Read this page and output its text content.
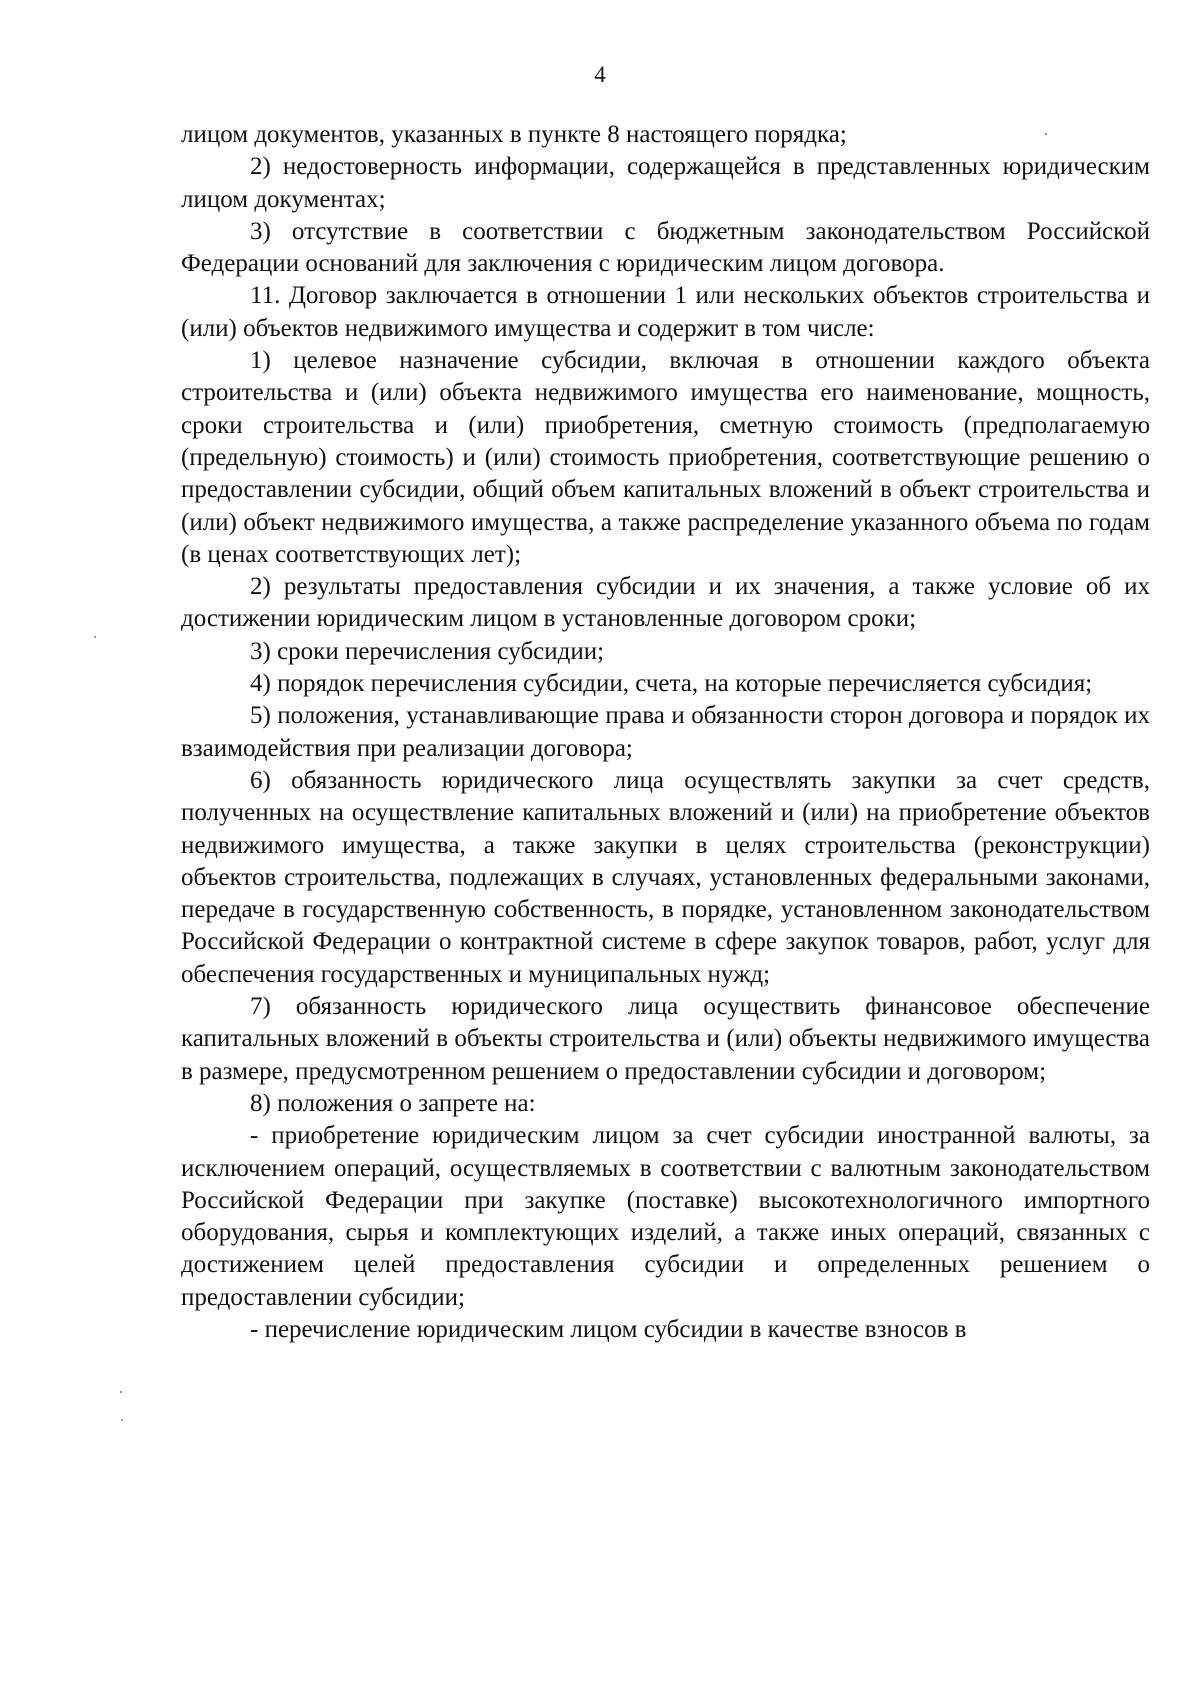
4

лицом документов, указанных в пункте 8 настоящего порядка;

2) недостоверность информации, содержащейся в представленных юридическим лицом документах;

3) отсутствие в соответствии с бюджетным законодательством Российской Федерации оснований для заключения с юридическим лицом договора.

11. Договор заключается в отношении 1 или нескольких объектов строительства и (или) объектов недвижимого имущества и содержит в том числе:

1) целевое назначение субсидии, включая в отношении каждого объекта строительства и (или) объекта недвижимого имущества его наименование, мощность, сроки строительства и (или) приобретения, сметную стоимость (предполагаемую (предельную) стоимость) и (или) стоимость приобретения, соответствующие решению о предоставлении субсидии, общий объем капитальных вложений в объект строительства и (или) объект недвижимого имущества, а также распределение указанного объема по годам (в ценах соответствующих лет);

2) результаты предоставления субсидии и их значения, а также условие об их достижении юридическим лицом в установленные договором сроки;

3) сроки перечисления субсидии;

4) порядок перечисления субсидии, счета, на которые перечисляется субсидия;

5) положения, устанавливающие права и обязанности сторон договора и порядок их взаимодействия при реализации договора;

6) обязанность юридического лица осуществлять закупки за счет средств, полученных на осуществление капитальных вложений и (или) на приобретение объектов недвижимого имущества, а также закупки в целях строительства (реконструкции) объектов строительства, подлежащих в случаях, установленных федеральными законами, передаче в государственную собственность, в порядке, установленном законодательством Российской Федерации о контрактной системе в сфере закупок товаров, работ, услуг для обеспечения государственных и муниципальных нужд;

7) обязанность юридического лица осуществить финансовое обеспечение капитальных вложений в объекты строительства и (или) объекты недвижимого имущества в размере, предусмотренном решением о предоставлении субсидии и договором;

8) положения о запрете на:

- приобретение юридическим лицом за счет субсидии иностранной валюты, за исключением операций, осуществляемых в соответствии с валютным законодательством Российской Федерации при закупке (поставке) высокотехнологичного импортного оборудования, сырья и комплектующих изделий, а также иных операций, связанных с достижением целей предоставления субсидии и определенных решением о предоставлении субсидии;

- перечисление юридическим лицом субсидии в качестве взносов в
